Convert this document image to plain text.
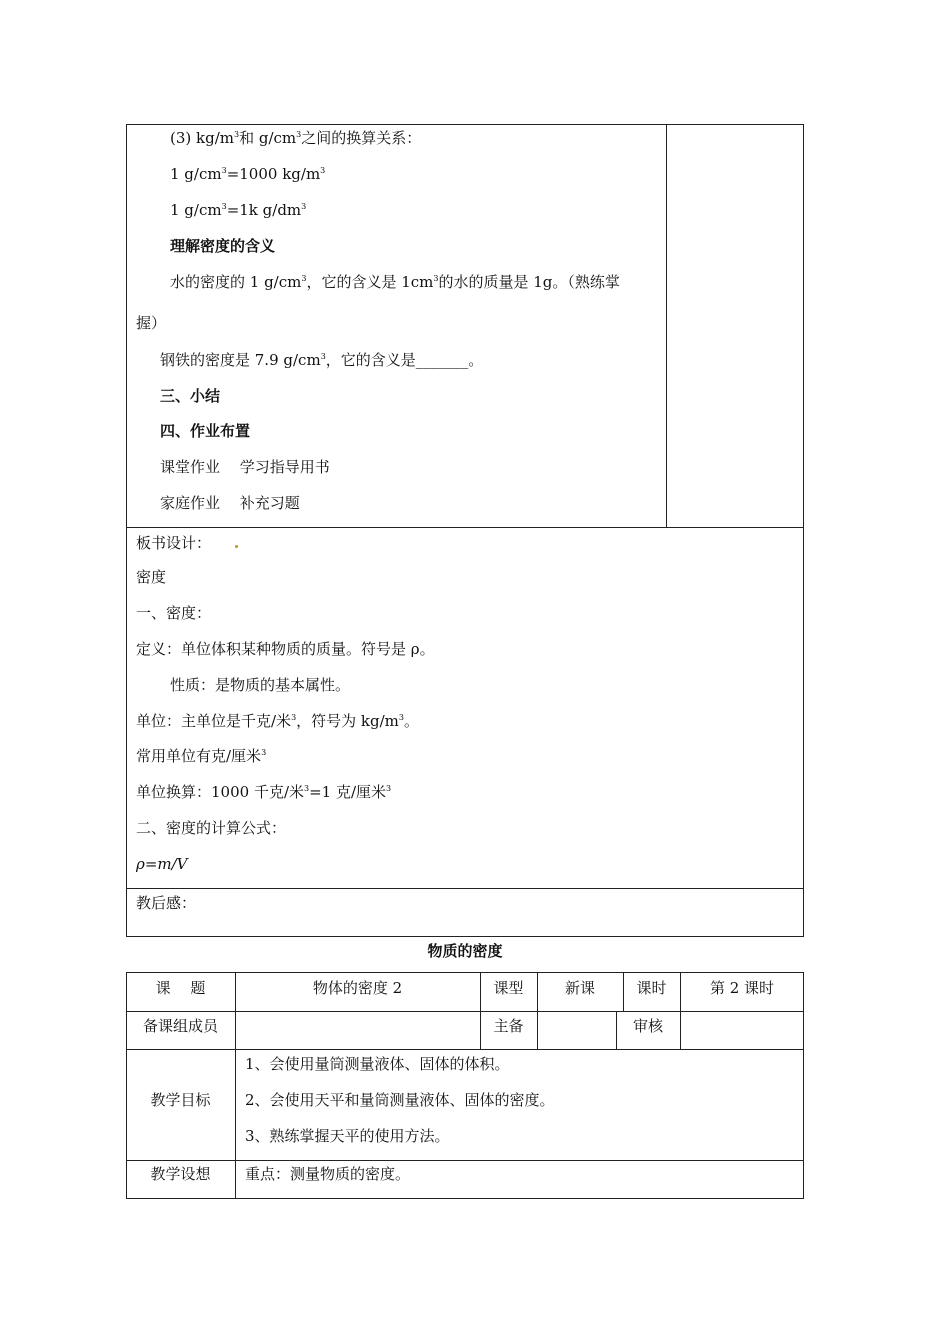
(3) $kg/m^3$和 $g/cm^3$之间的换算关系：
1 $g/cm^3=1000$ $kg/m^3$
1 $g/cm^3=1k$ $g/dm^3$
理解密度的含义
水的密度的 1 $g/cm^3$，它的含义是 $1cm^3$的水的质量是 1g。（熟练掌
握）
钢铁的密度是 7.9 $g/cm^3$，它的含义是_______。
三、小结
四、作业布置
课堂作业　 学习指导用书
家庭作业　 补充习题
板书设计：
密度
一、密度：
定义：单位体积某种物质的质量。符号是 ρ。
性质：是物质的基本属性。
单位：主单位是千克/米$^3$，符号为 $kg/m^3$。
常用单位有克/厘米$^3$
单位换算：1000 千克/米$^3$=1 克/厘米$^3$
二、密度的计算公式：
ρ=m/V
教后感：
物质的密度
课　 题	物体的密度 2	课型	新课	课时	第 2 课时
备课组成员	主备	审核
教学目标
1、会使用量筒测量液体、固体的体积。
2、会使用天平和量筒测量液体、固体的密度。
3、熟练掌握天平的使用方法。
教学设想	重点：测量物质的密度。
